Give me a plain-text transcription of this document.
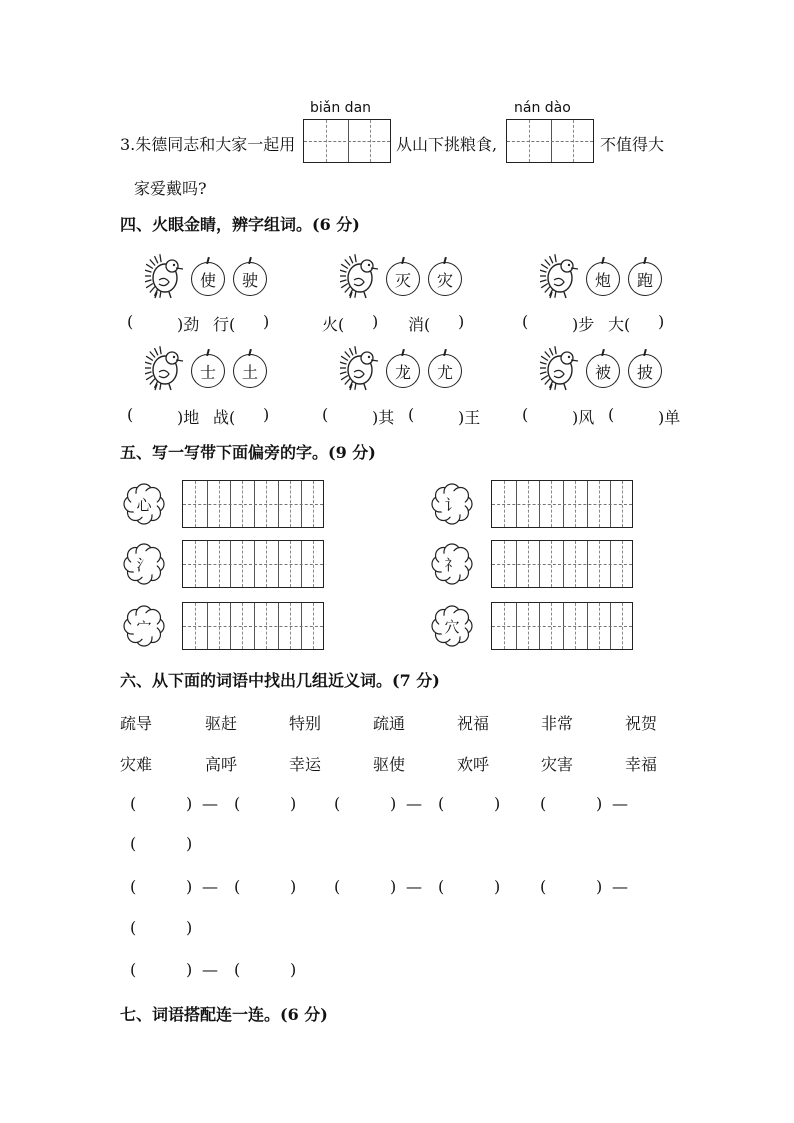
biǎn dan	nán dào
3.朱德同志和大家一起用	从山下挑粮食,	不值得大
家爱戴吗?
四、火眼金睛，辨字组词。(6 分)
使	驶
(	)劲 行( )
灭	灾
火( ) 消( )
炮	跑
(	)步 大( )
士	土
(	)地 战( )
龙	尤
(	)其 (	)王
被	披
(	)风 (	)单
五、写一写带下面偏旁的字。(9 分)
心	讠
氵	礻
宀	穴
六、从下面的词语中找出几组近义词。(7 分)
疏导	驱赶	特别	疏通	祝福	非常	祝贺
灾难	高呼	幸运	驱使	欢呼	灾害	幸福
(	) — (	) (	) — (	) (	) —
(	) — (	) (	) — (	) (	) —
(	)
(	)
(	) — (	)
七、词语搭配连一连。(6 分)
